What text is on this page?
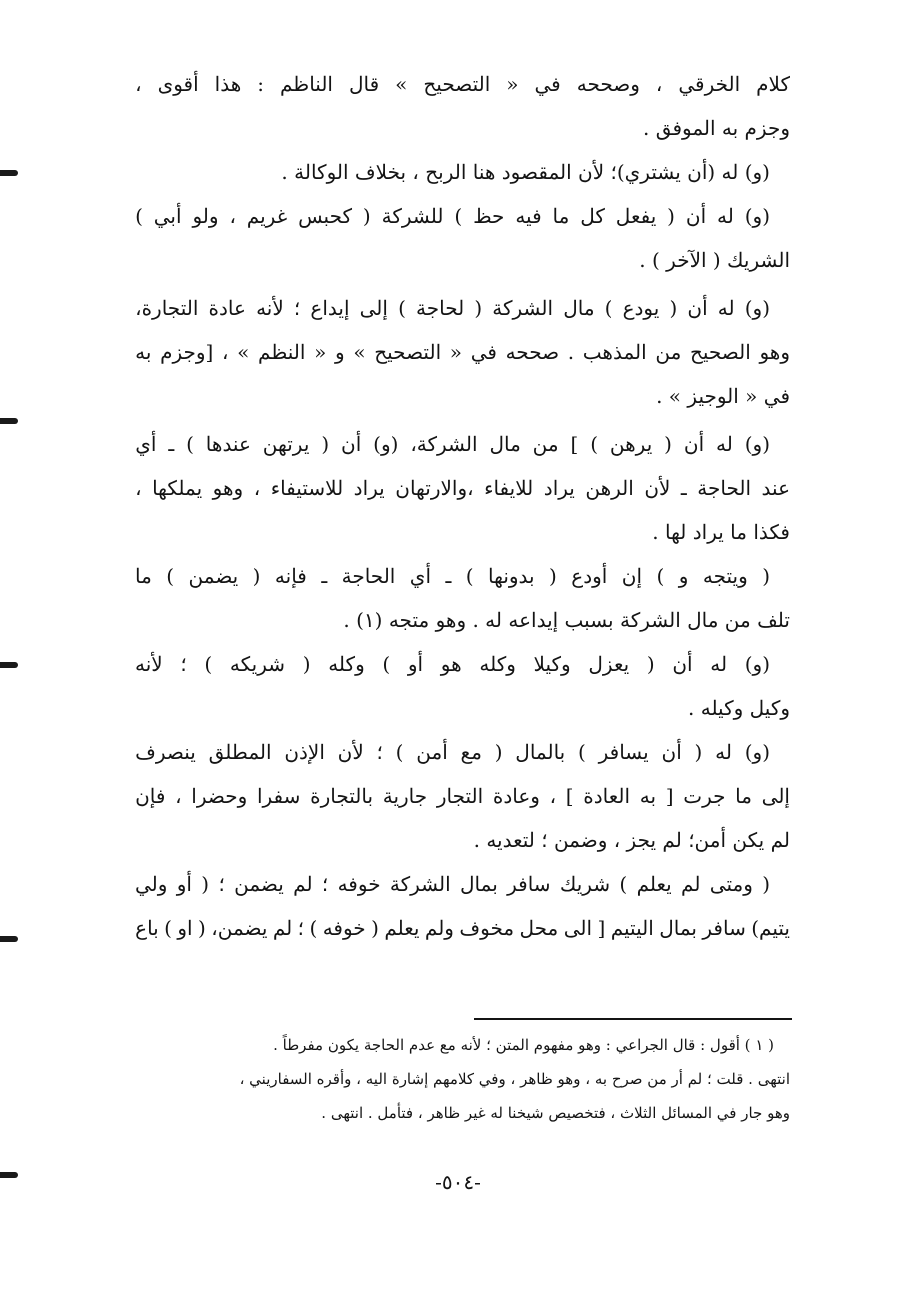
كلام
الخرقي
،
وصححه
في
«
التصحيح
»
قال
الناظم
:
هذا
أقوى
،
وجزم به الموفق .
(و) له (أن يشتري)؛ لأن المقصود هنا الربح ، بخلاف الوكالة .
(و)
له
أن
(
يفعل
كل
ما
فيه
حظ
)
للشركة
(
كحبس
غريم
،
ولو
أبي
)
الشريك ( الآخر ) .
(و)
له
أن
(
يودع
)
مال
الشركة
(
لحاجة
)
إلى
إيداع
؛
لأنه
عادة
التجارة،
وهو
الصحيح
من
المذهب
.
صححه
في
«
التصحيح
»
و
«
النظم
»
،
[وجزم
به
في « الوجيز » .
(و)
له
أن
(
يرهن
)
]
من
مال
الشركة،
(و)
أن
(
يرتهن
عندها
)
ـ
أي
عند
الحاجة
ـ
لأن
الرهن
يراد
للايفاء
،والارتهان
يراد
للاستيفاء
،
وهو
يملكها
،
فكذا ما يراد لها .
(
ويتجه
و
)
إن
أودع
(
بدونها
)
ـ
أي
الحاجة
ـ
فإنه
(
يضمن
)
ما
تلف من مال الشركة بسبب إيداعه له . وهو متجه (١) .
(و)
له
أن
(
يعزل
وكيلا
وكله
هو
أو
)
وكله
(
شريكه
)
؛
لأنه
وكيل وكيله .
(و)
له
(
أن
يسافر
)
بالمال
(
مع
أمن
)
؛
لأن
الإذن
المطلق
ينصرف
إلى
ما
جرت
[
به
العادة
]
،
وعادة
التجار
جارية
بالتجارة
سفرا
وحضرا
،
فإن
لم يكن أمن؛ لم يجز ، وضمن ؛ لتعديه .
(
ومتى
لم
يعلم
)
شريك
سافر
بمال
الشركة
خوفه
؛
لم
يضمن
؛
(
أو
ولي
يتيم)
سافر
بمال
اليتيم
[
الى
محل
مخوف
ولم
يعلم
(
خوفه
)
؛
لم
يضمن،
(
او
)
باع
( ١ ) أقول : قال الجراعي : وهو مفهوم المتن ؛ لأنه مع عدم الحاجة يكون مفرطاً .
انتهى . قلت ؛ لم أر من صرح به ، وهو ظاهر ، وفي كلامهم إشارة اليه ، وأقره السفاريني ،
وهو جار في المسائل الثلاث ، فتخصيص شيخنا له غير ظاهر ، فتأمل . انتهى .
-٥٠٤-
